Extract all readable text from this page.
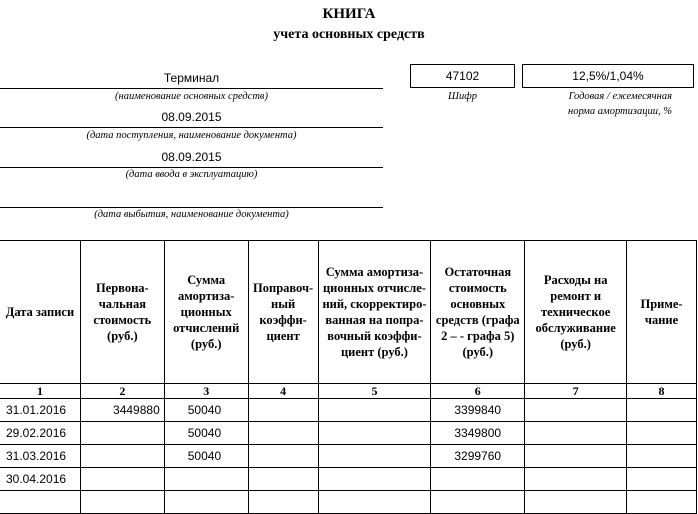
КНИГА
учета основных средств
Терминал
(наименование основных средств)
08.09.2015
(дата поступления, наименование документа)
08.09.2015
(дата ввода в эксплуатацию)
(дата выбытия, наименование документа)
47102
Шифр
12,5%/1,04%
Годовая / ежемесячная
норма амортизации, %
Дата записи	Первона-чальная стоимость (руб.)	Сумма амортиза-ционных отчислений (руб.)	Поправоч-ный коэффи-циент	Сумма амортиза-ционных отчисле-ний, скорректиро-ванная на попра-вочный коэффи-циент (руб.)	Остаточная стоимость основных средств (графа 2 – - графа 5) (руб.)	Расходы на ремонт и техническое обслуживание (руб.)	Приме-чание
1	2	3	4	5	6	7	8
31.01.2016	3449880	50040			3399840		
29.02.2016		50040			3349800		
31.03.2016		50040			3299760		
30.04.2016							
